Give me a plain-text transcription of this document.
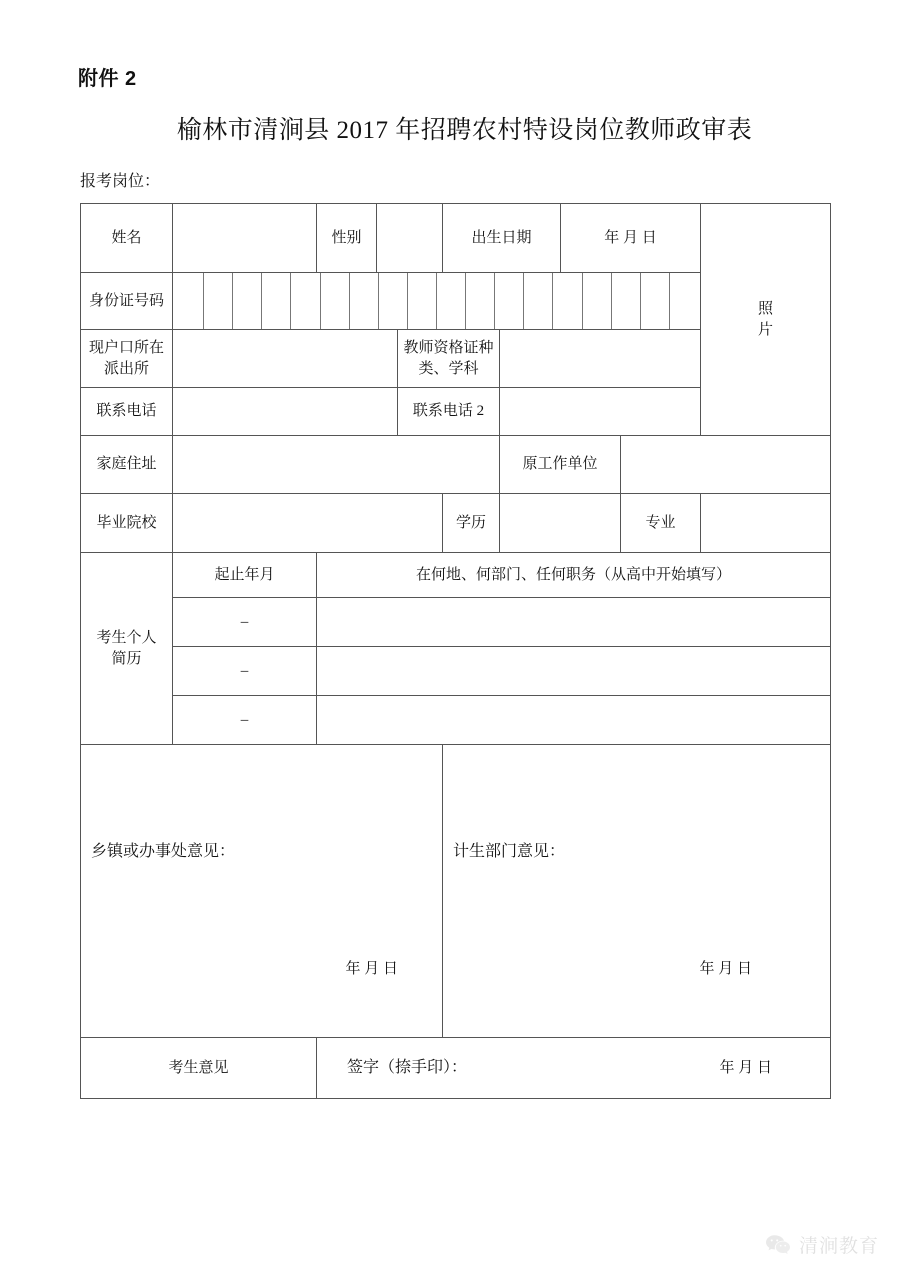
附件 2
榆林市清涧县 2017 年招聘农村特设岗位教师政审表
报考岗位：
姓名		性别			出生日期		年 月 日		照
片

身份证号码									

现户口所在
派出所				教师资格证种
类、学科					
联系电话				联系电话 2					
家庭住址						原工作单位			
毕业院校					学历			专业	
考生个人
简历	起止年月	在何地、何部门、任何职务（从高中开始填写）							
	–								
	–								
	–								

乡镇或办事处意见：
年 月 日

计生部门意见：
年 月 日

考生意见		签字（捺手印）： 年 月 日							
清涧教育
